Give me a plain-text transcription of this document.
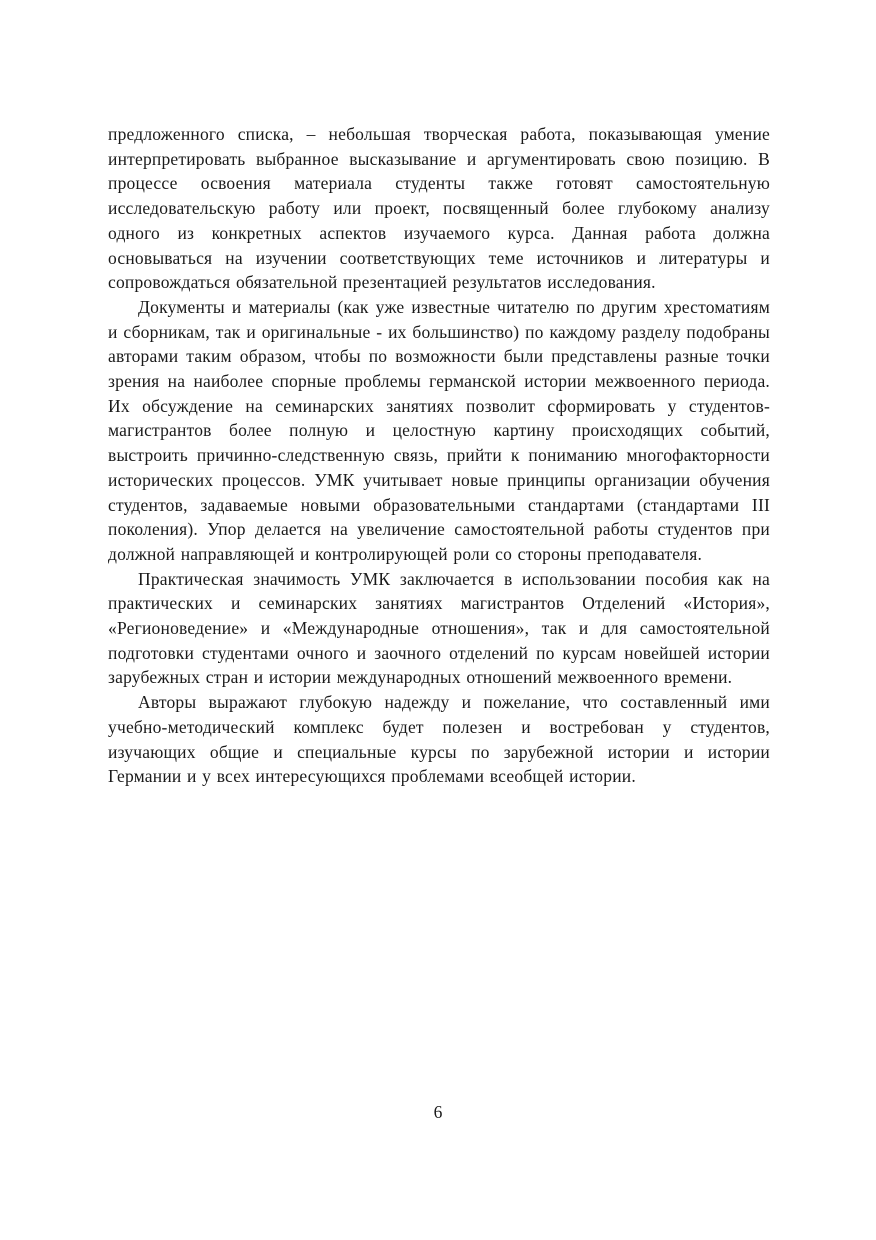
предложенного списка, – небольшая творческая работа, показывающая умение интерпретировать выбранное высказывание и аргументировать свою позицию. В процессе освоения материала студенты также готовят самостоятельную исследовательскую работу или проект, посвященный более глубокому анализу одного из конкретных аспектов изучаемого курса. Данная работа должна основываться на изучении соответствующих теме источников и литературы и сопровождаться обязательной презентацией результатов исследования.

Документы и материалы (как уже известные читателю по другим хрестоматиям и сборникам, так и оригинальные - их большинство) по каждому разделу подобраны авторами таким образом, чтобы по возможности были представлены разные точки зрения на наиболее спорные проблемы германской истории межвоенного периода. Их обсуждение на семинарских занятиях позволит сформировать у студентов-магистрантов более полную и целостную картину происходящих событий, выстроить причинно-следственную связь, прийти к пониманию многофакторности исторических процессов. УМК учитывает новые принципы организации обучения студентов, задаваемые новыми образовательными стандартами (стандартами III поколения). Упор делается на увеличение самостоятельной работы студентов при должной направляющей и контролирующей роли со стороны преподавателя.

Практическая значимость УМК заключается в использовании пособия как на практических и семинарских занятиях магистрантов Отделений «История», «Регионоведение» и «Международные отношения», так и для самостоятельной подготовки студентами очного и заочного отделений по курсам новейшей истории зарубежных стран и истории международных отношений межвоенного времени.

Авторы выражают глубокую надежду и пожелание, что составленный ими учебно-методический комплекс будет полезен и востребован у студентов, изучающих общие и специальные курсы по зарубежной истории и истории Германии и у всех интересующихся проблемами всеобщей истории.

6
